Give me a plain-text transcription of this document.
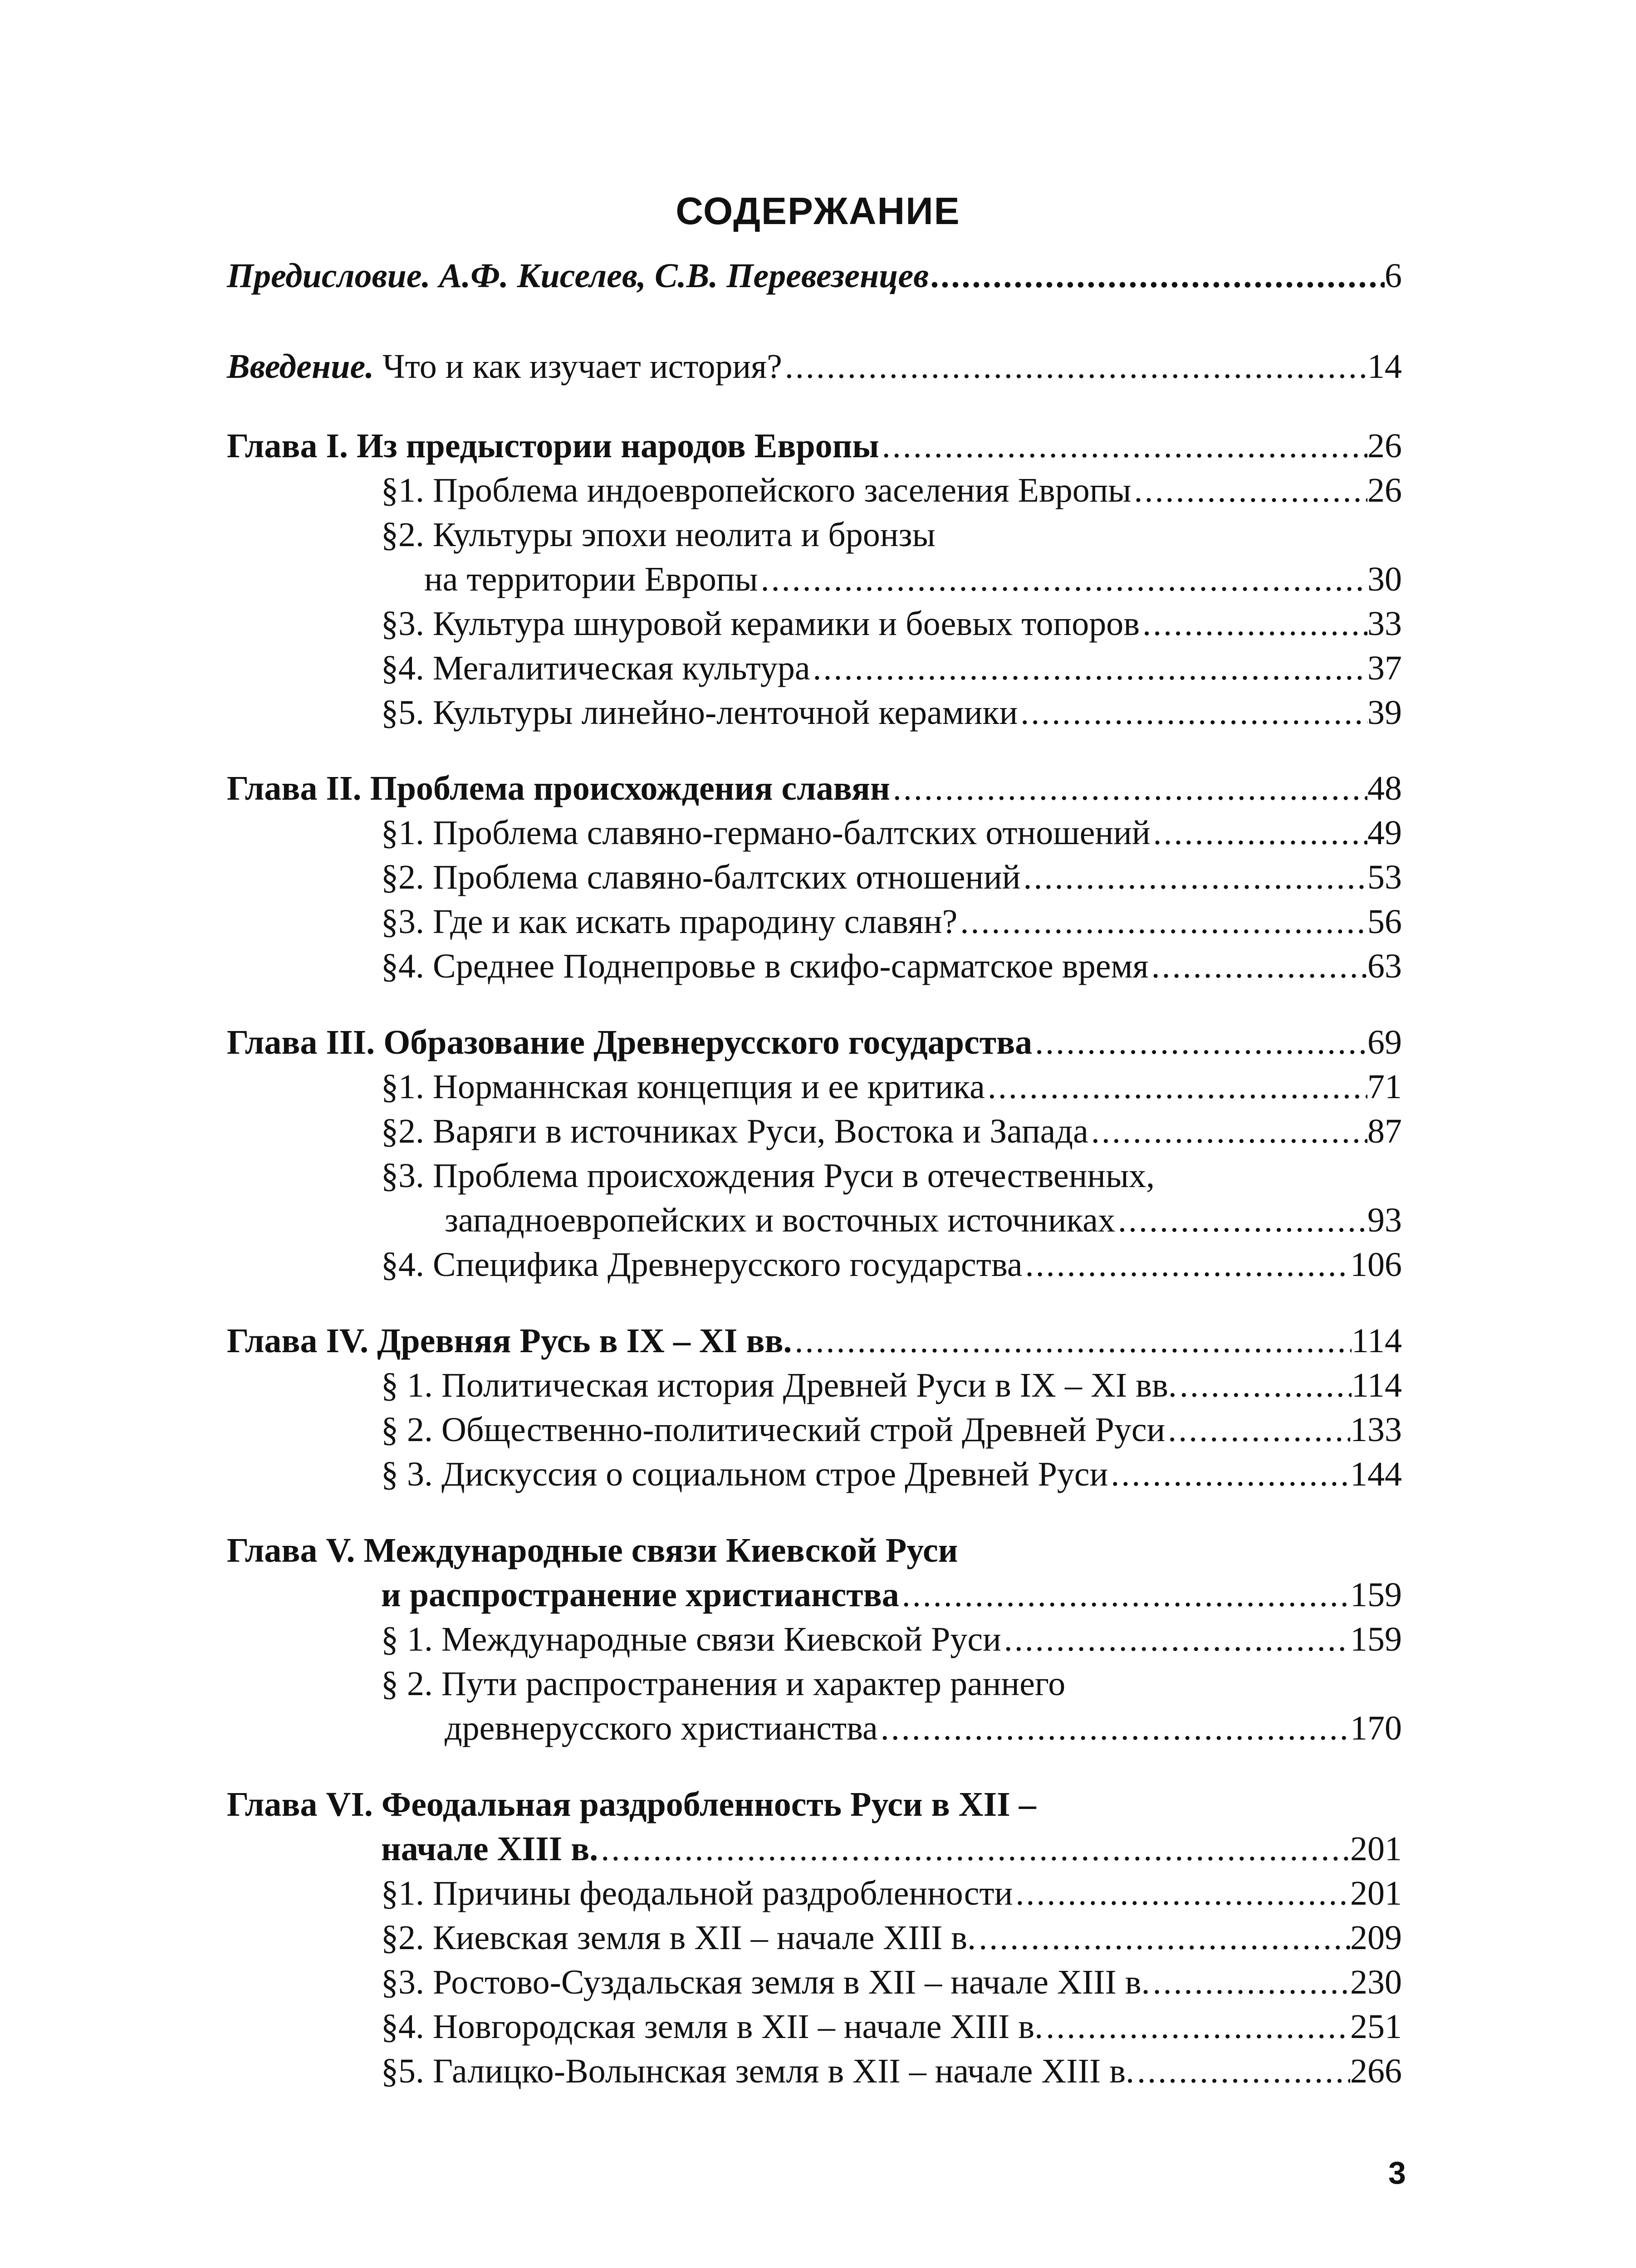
СОДЕРЖАНИЕ
Предисловие. А.Ф. Киселев, С.В. Перевезенцев .....	6
Введение. Что и как изучает история? .....	14
Глава I. Из предыстории народов Европы .....	26
§1. Проблема индоевропейского заселения Европы .....	26
§2. Культуры эпохи неолита и бронзы
на территории Европы .....	30
§3. Культура шнуровой керамики и боевых топоров .....	33
§4. Мегалитическая культура .....	37
§5. Культуры линейно-ленточной керамики .....	39
Глава II. Проблема происхождения славян .....	48
§1. Проблема славяно-германо-балтских отношений .....	49
§2. Проблема славяно-балтских отношений .....	53
§3. Где и как искать прародину славян? .....	56
§4. Среднее Поднепровье в скифо-сарматское время .....	63
Глава III. Образование Древнерусского государства .....	69
§1. Норманнская концепция и ее критика .....	71
§2. Варяги в источниках Руси, Востока и Запада .....	87
§3. Проблема происхождения Руси в отечественных,
западноевропейских и восточных источниках .....	93
§4. Специфика Древнерусского государства .....	106
Глава IV. Древняя Русь в IX – XI вв. .....	114
§ 1. Политическая история Древней Руси в IX – XI вв. .....	114
§ 2. Общественно-политический строй Древней Руси .....	133
§ 3. Дискуссия о социальном строе Древней Руси .....	144
Глава V. Международные связи Киевской Руси
и распространение христианства .....	159
§ 1. Международные связи Киевской Руси .....	159
§ 2. Пути распространения и характер раннего
древнерусского христианства .....	170
Глава VI. Феодальная раздробленность Руси в XII –
начале XIII в. .....	201
§1. Причины феодальной раздробленности .....	201
§2. Киевская земля в XII – начале XIII в. .....	209
§3. Ростово-Суздальская земля в XII – начале XIII в. .....	230
§4. Новгородская земля в XII – начале XIII в. .....	251
§5. Галицко-Волынская земля в XII – начале XIII в. .....	266
3
